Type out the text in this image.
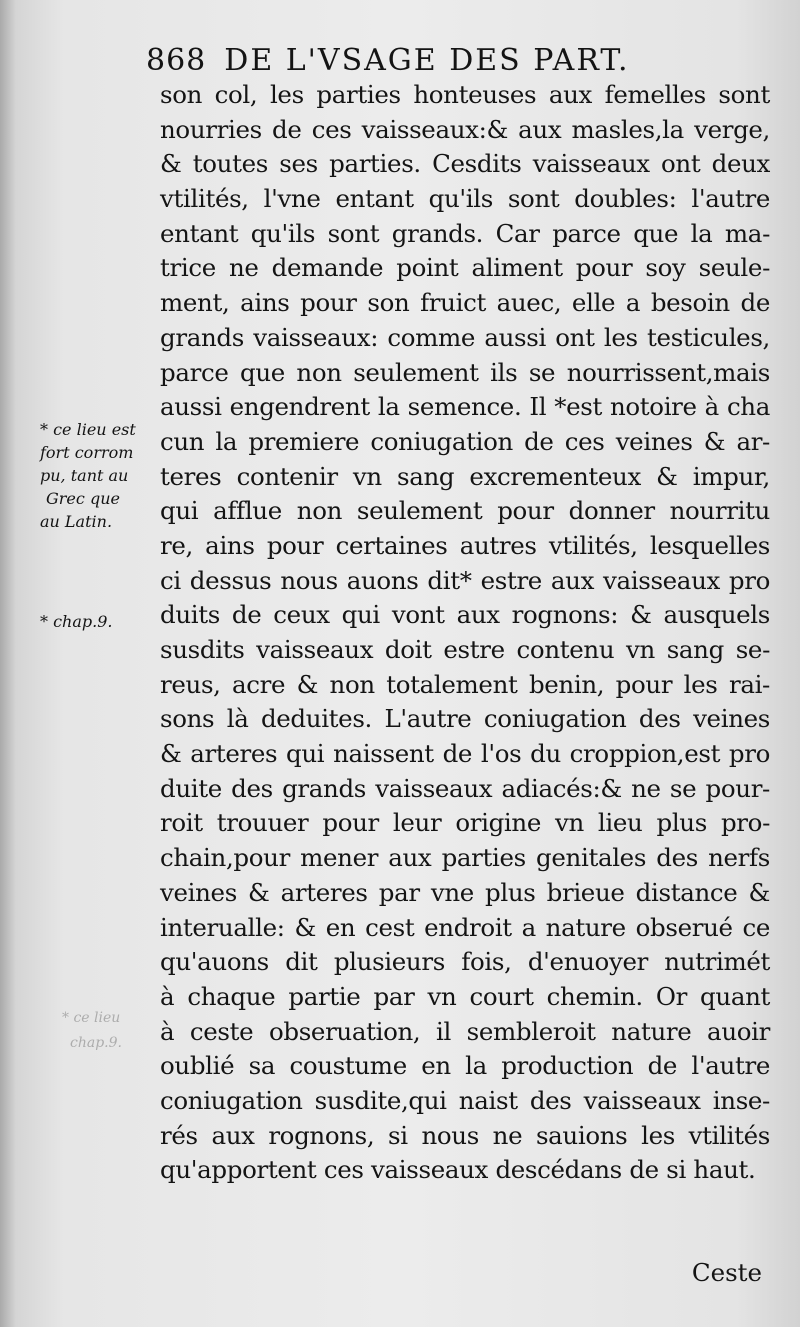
868 DE L'VSAGE DES PART.
* ce lieu est
fort corrom
pu, tant au
Grec que
au Latin.
* chap.9.
* ce lieu
chap.9.
son col, les parties honteuses aux femelles sont
nourries de ces vaisseaux:& aux masles,la verge,
& toutes ses parties. Cesdits vaisseaux ont deux
vtilités, l'vne entant qu'ils sont doubles: l'autre
entant qu'ils sont grands. Car parce que la ma-
trice ne demande point aliment pour soy seule-
ment, ains pour son fruict auec, elle a besoin de
grands vaisseaux: comme aussi ont les testicules,
parce que non seulement ils se nourrissent,mais
aussi engendrent la semence. Il *est notoire à cha
cun la premiere coniugation de ces veines & ar-
teres contenir vn sang excrementeux & impur,
qui afflue non seulement pour donner nourritu
re, ains pour certaines autres vtilités, lesquelles
ci dessus nous auons dit* estre aux vaisseaux pro
duits de ceux qui vont aux rognons: & ausquels
susdits vaisseaux doit estre contenu vn sang se-
reus, acre & non totalement benin, pour les rai-
sons là deduites. L'autre coniugation des veines
& arteres qui naissent de l'os du croppion,est pro
duite des grands vaisseaux adiacés:& ne se pour-
roit trouuer pour leur origine vn lieu plus pro-
chain,pour mener aux parties genitales des nerfs
veines & arteres par vne plus brieue distance &
interualle: & en cest endroit a nature obserué ce
qu'auons dit plusieurs fois, d'enuoyer nutrimét
à chaque partie par vn court chemin. Or quant
à ceste obseruation, il sembleroit nature auoir
oublié sa coustume en la production de l'autre
coniugation susdite,qui naist des vaisseaux inse-
rés aux rognons, si nous ne sauions les vtilités
qu'apportent ces vaisseaux descédans de si haut.
Ceste
